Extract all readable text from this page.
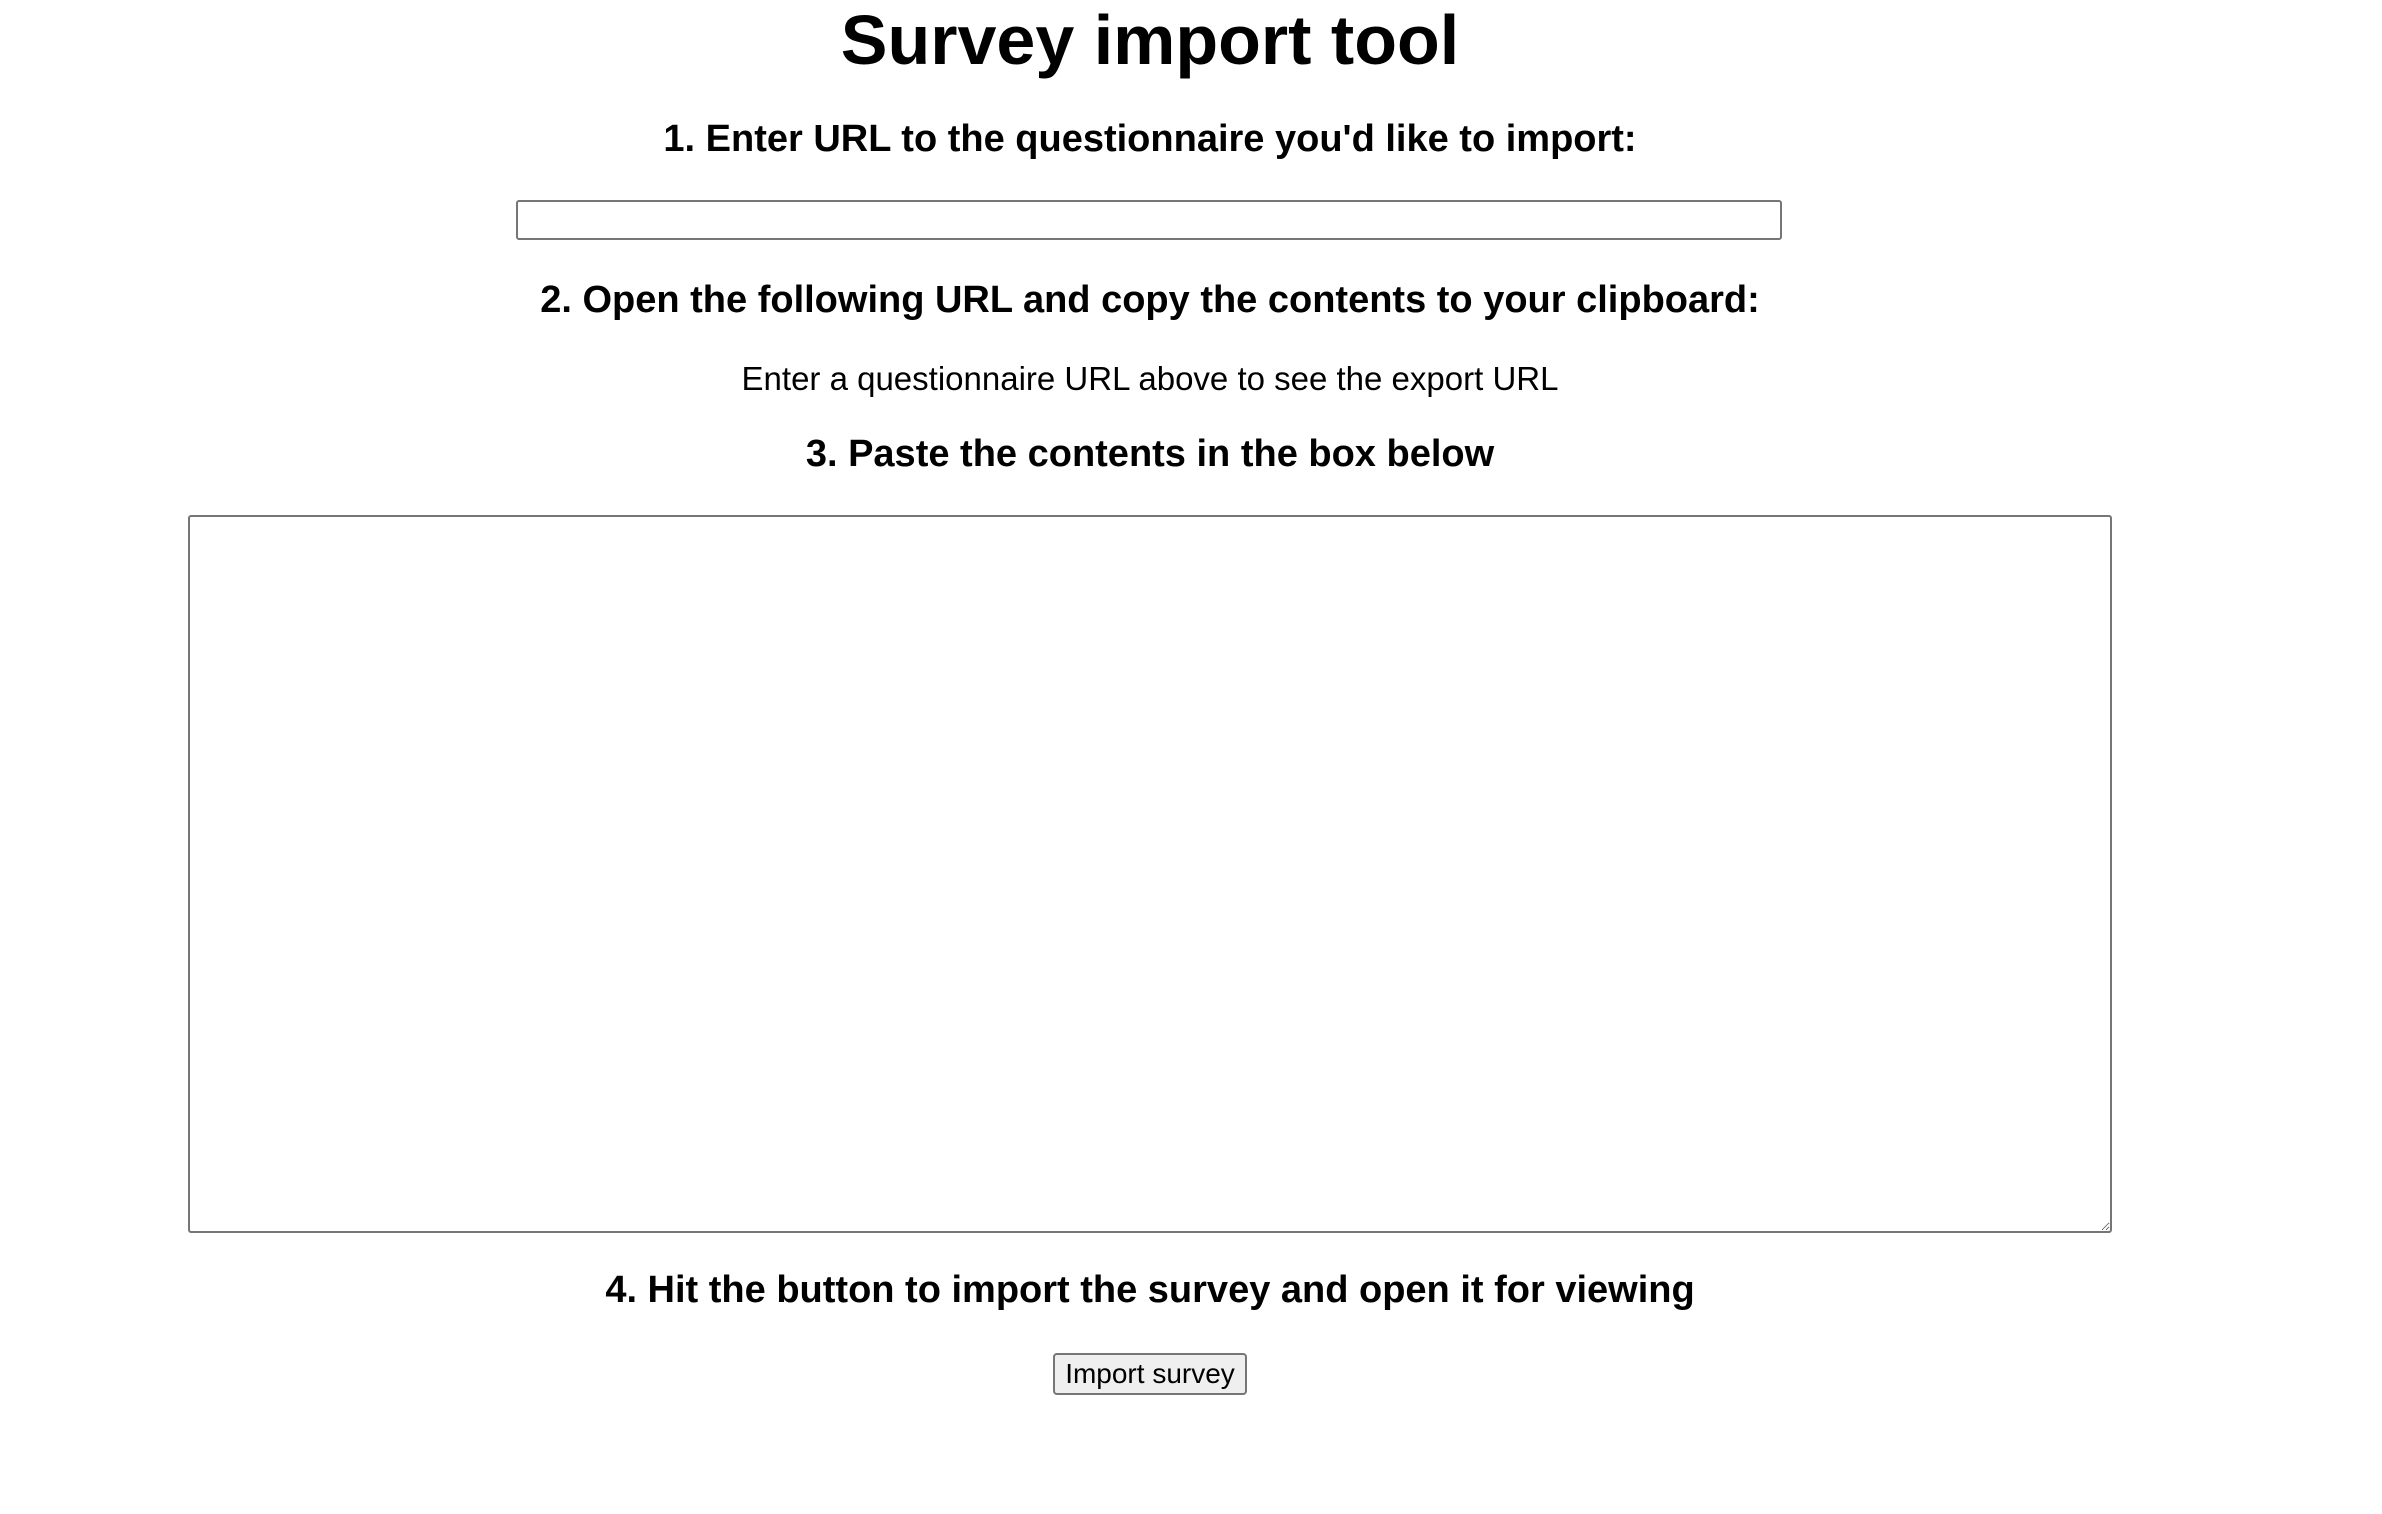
Survey import tool
1. Enter URL to the questionnaire you'd like to import:
2. Open the following URL and copy the contents to your clipboard:
Enter a questionnaire URL above to see the export URL
3. Paste the contents in the box below
4. Hit the button to import the survey and open it for viewing
Import survey
